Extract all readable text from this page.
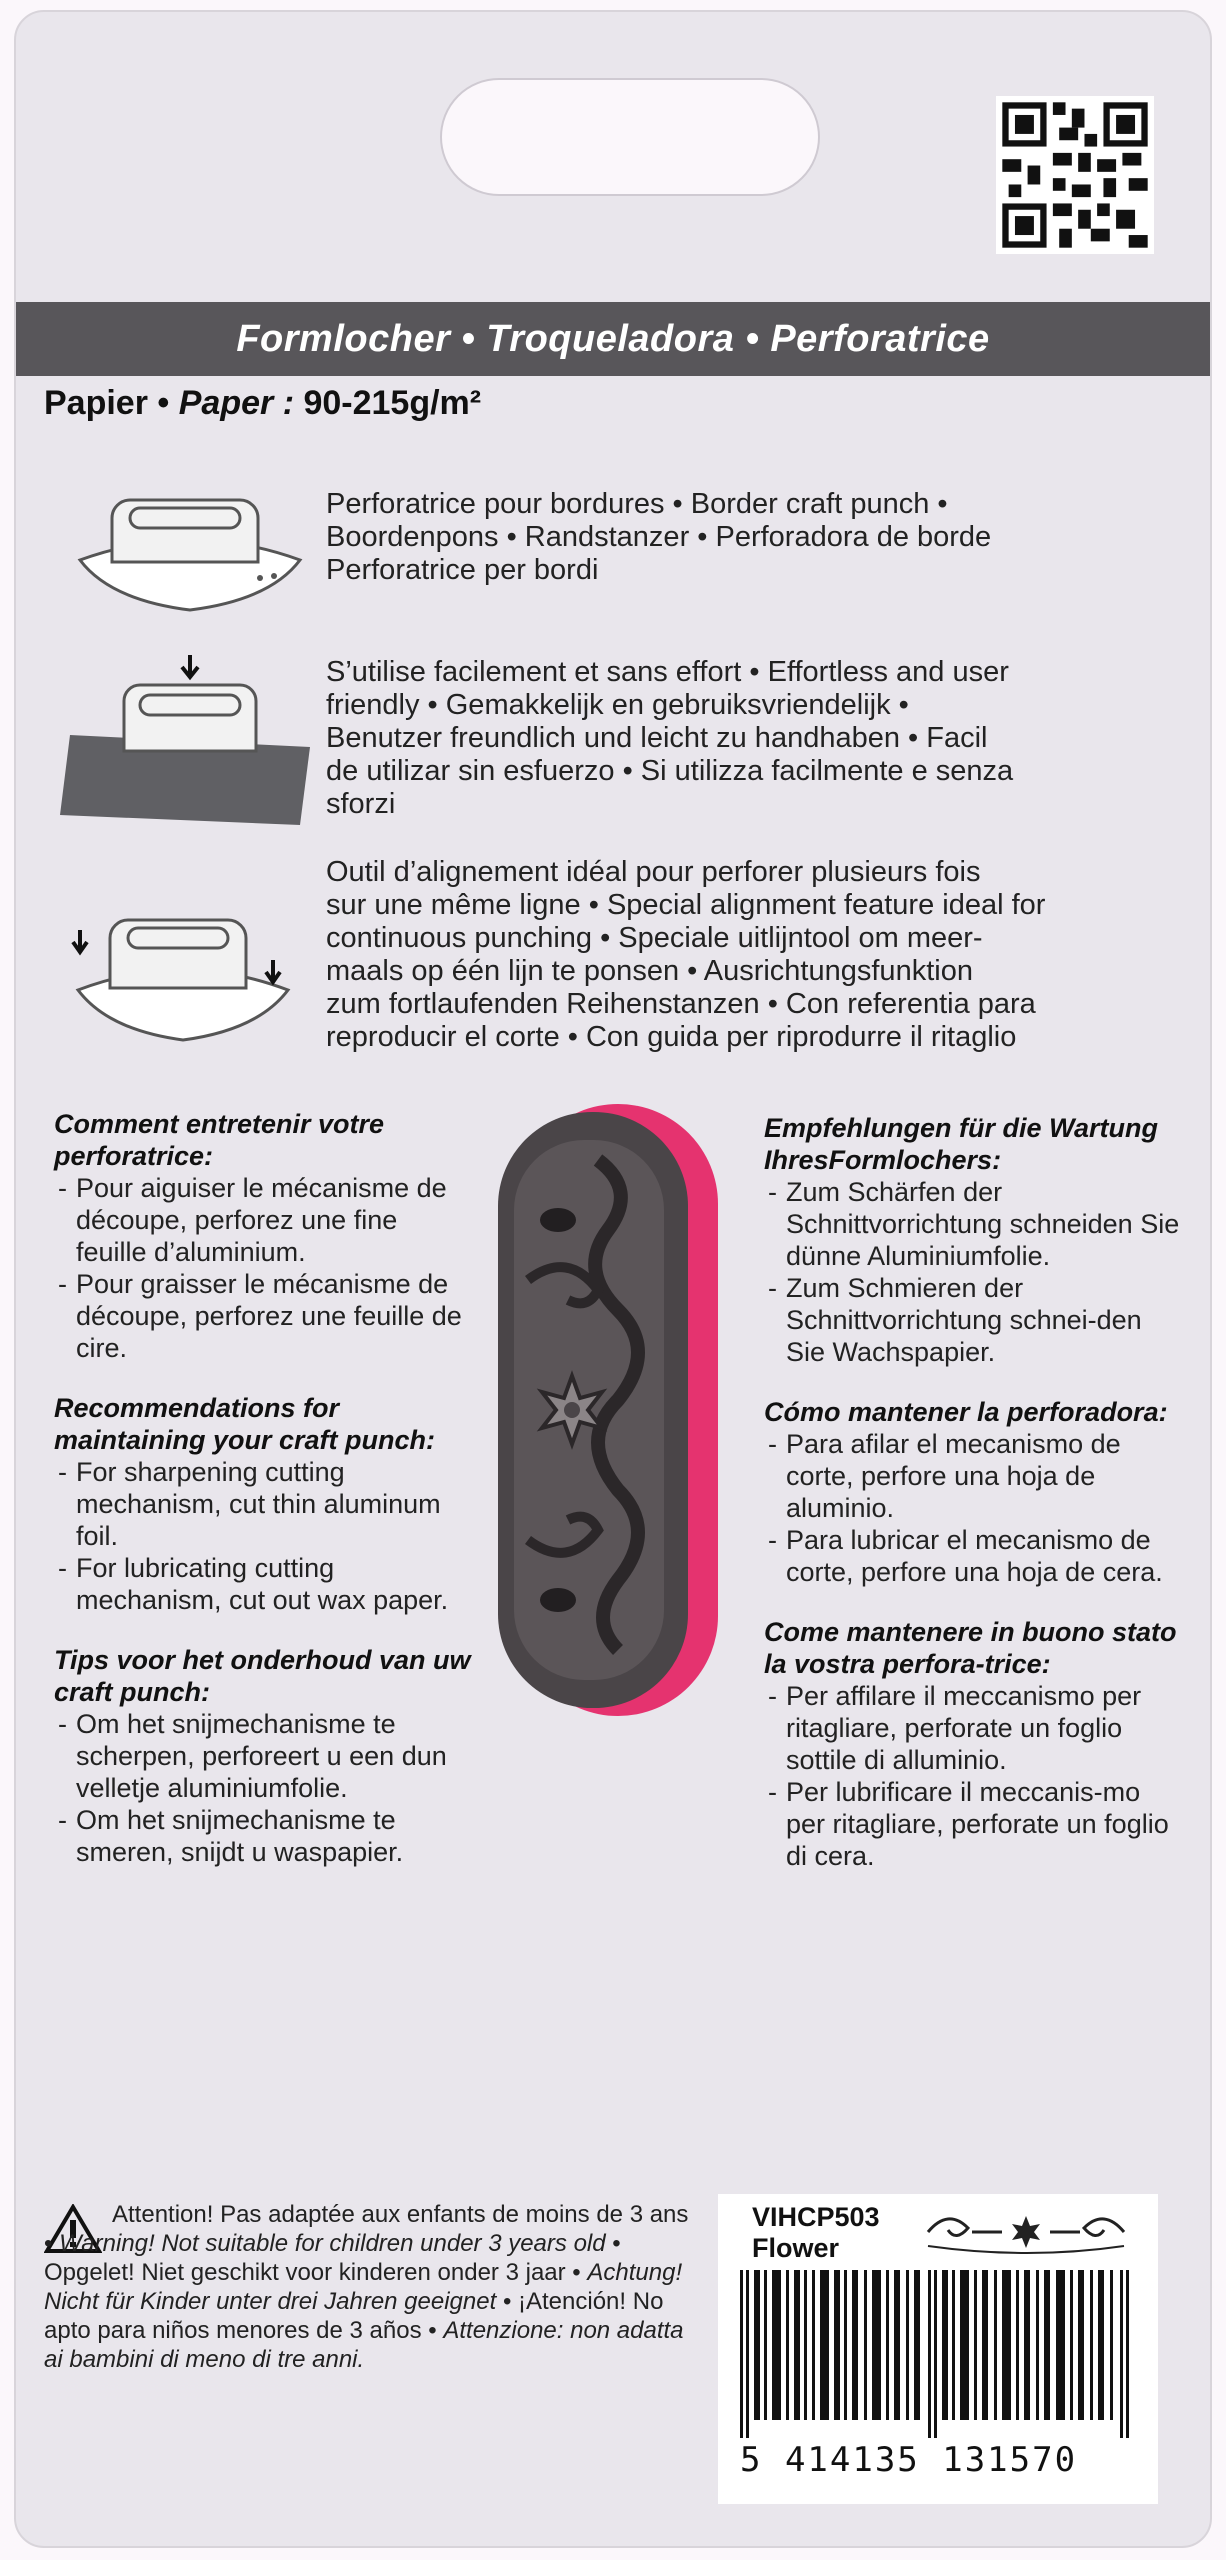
Formlocher • Troqueladora • Perforatrice
Papier • Paper : 90-215g/m²
Perforatrice pour bordures • Border craft punch •
Boordenpons • Randstanzer • Perforadora de borde
Perforatrice per bordi
S’utilise facilement et sans effort • Effortless and user
friendly • Gemakkelijk en gebruiksvriendelijk •
Benutzer freundlich und leicht zu handhaben • Facil
de utilizar sin esfuerzo • Si utilizza facilmente e senza
sforzi
Outil d’alignement idéal pour perforer plusieurs fois
sur une même ligne • Special alignment feature ideal for
continuous punching • Speciale uitlijntool om meer-
maals op één lijn te ponsen • Ausrichtungsfunktion
zum fortlaufenden Reihenstanzen • Con referentia para
reproducir el corte • Con guida per riprodurre il ritaglio
Comment entretenir votre perforatrice:
- Pour aiguiser le mécanisme de découpe, perforez une fine feuille d’aluminium.
- Pour graisser le mécanisme de découpe, perforez une feuille de cire.
Recommendations for maintaining your craft punch:
- For sharpening cutting mechanism, cut thin aluminum foil.
- For lubricating cutting mechanism, cut out wax paper.
Tips voor het onderhoud van uw craft punch:
- Om het snijmechanisme te scherpen, perforeert u een dun velletje aluminiumfolie.
- Om het snijmechanisme te smeren, snijdt u waspapier.
Empfehlungen für die Wartung IhresFormlochers:
- Zum Schärfen der Schnittvorrichtung schneiden Sie dünne Aluminiumfolie.
- Zum Schmieren der Schnittvorrichtung schnei-den Sie Wachspapier.
Cómo mantener la perforadora:
- Para afilar el mecanismo de corte, perfore una hoja de aluminio.
- Para lubricar el mecanismo de corte, perfore una hoja de cera.
Come mantenere in buono stato la vostra perfora-trice:
- Per affilare il meccanismo per ritagliare, perforate un foglio sottile di alluminio.
- Per lubrificare il meccanis-mo per ritagliare, perforate un foglio di cera.
Attention! Pas adaptée aux enfants de moins de 3 ans • Warning! Not suitable for children under 3 years old • Opgelet! Niet geschikt voor kinderen onder 3 jaar • Achtung! Nicht für Kinder unter drei Jahren geeignet • ¡Atención! No apto para niños menores de 3 años • Attenzione: non adatta ai bambini di meno di tre anni.
VIHCP503
Flower
5 414135 131570
